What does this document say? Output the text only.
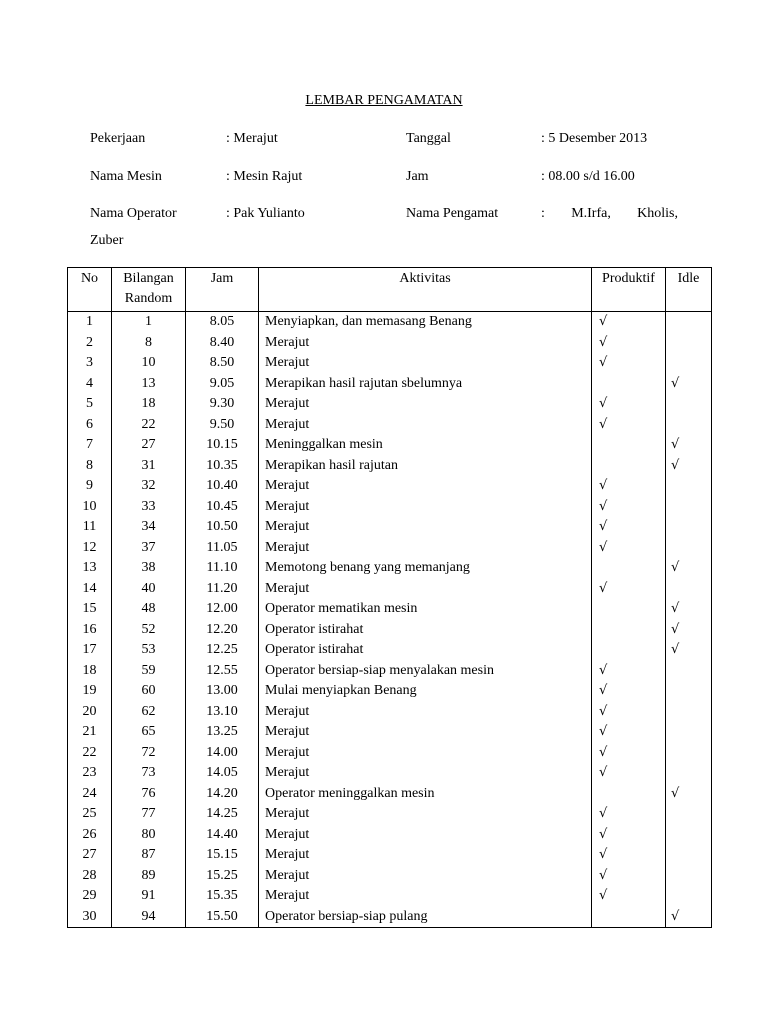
LEMBAR PENGAMATAN
Pekerjaan	: Merajut	Tanggal	: 5 Desember 2013
Nama Mesin	: Mesin Rajut	Jam	: 08.00 s/d 16.00
Nama Operator	: Pak Yulianto	Nama Pengamat	: M.Irfa, Kholis,
Zuber
No	Bilangan Random	Jam	Aktivitas	Produktif	Idle
1	1	8.05	Menyiapkan, dan memasang Benang	√	
2	8	8.40	Merajut	√	
3	10	8.50	Merajut	√	
4	13	9.05	Merapikan hasil rajutan sbelumnya		√
5	18	9.30	Merajut	√	
6	22	9.50	Merajut	√	
7	27	10.15	Meninggalkan mesin		√
8	31	10.35	Merapikan hasil rajutan		√
9	32	10.40	Merajut	√	
10	33	10.45	Merajut	√	
11	34	10.50	Merajut	√	
12	37	11.05	Merajut	√	
13	38	11.10	Memotong benang yang memanjang		√
14	40	11.20	Merajut	√	
15	48	12.00	Operator mematikan mesin		√
16	52	12.20	Operator istirahat		√
17	53	12.25	Operator istirahat		√
18	59	12.55	Operator bersiap-siap menyalakan mesin	√	
19	60	13.00	Mulai menyiapkan Benang	√	
20	62	13.10	Merajut	√	
21	65	13.25	Merajut	√	
22	72	14.00	Merajut	√	
23	73	14.05	Merajut	√	
24	76	14.20	Operator meninggalkan mesin		√
25	77	14.25	Merajut	√	
26	80	14.40	Merajut	√	
27	87	15.15	Merajut	√	
28	89	15.25	Merajut	√	
29	91	15.35	Merajut	√	
30	94	15.50	Operator bersiap-siap pulang		√
